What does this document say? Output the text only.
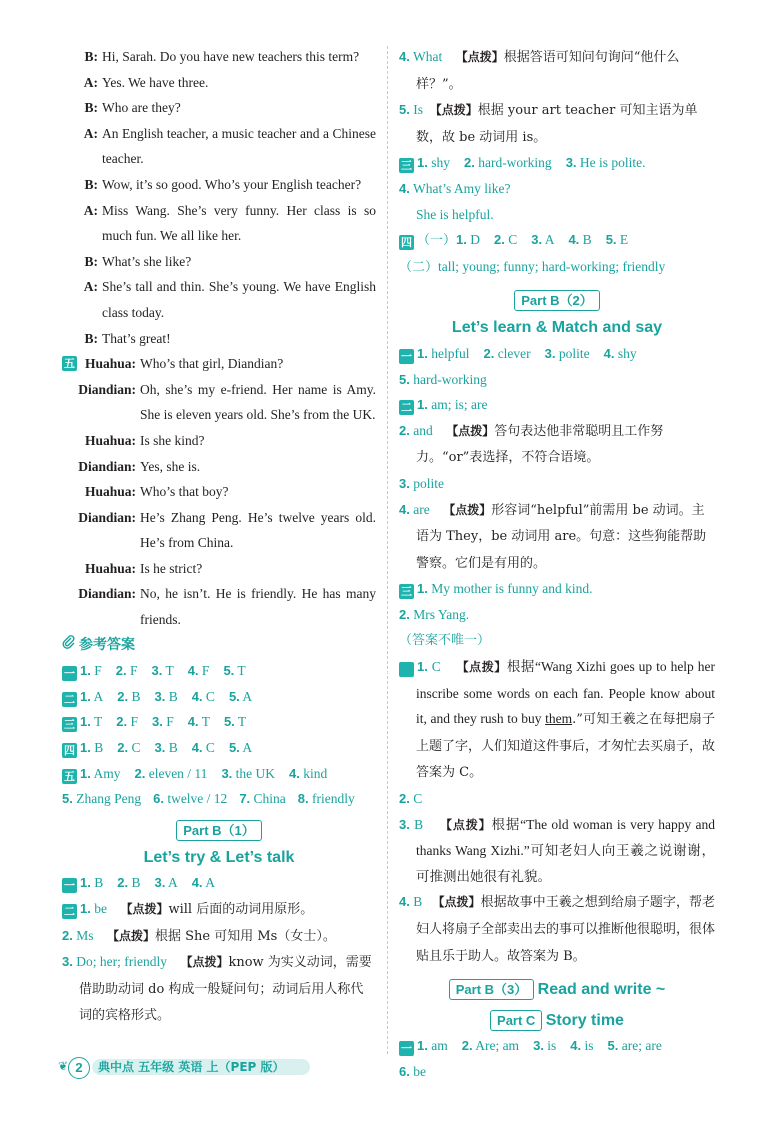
B: Hi, Sarah. Do you have new teachers this term?
A: Yes. We have three.
B: Who are they?
A: An English teacher, a music teacher and a Chinese teacher.
B: Wow, it’s so good. Who’s your English teacher?
A: Miss Wang. She’s very funny. Her class is so much fun. We all like her.
B: What’s she like?
A: She’s tall and thin. She’s young. We have English class today.
B: That’s great!
Huahua: Who’s that girl, Diandian?
五
Diandian: Oh, she’s my e-friend. Her name is Amy. She is eleven years old. She’s from the UK.
Huahua: Is she kind?
Diandian: Yes, she is.
Huahua: Who’s that boy?
Diandian: He’s Zhang Peng. He’s twelve years old. He’s from China.
Huahua: Is he strict?
Diandian: No, he isn’t. He is friendly. He has many friends.
参考答案
一 1. F 2. F 3. T 4. F 5. T
二 1. A 2. B 3. B 4. C 5. A
三 1. T 2. F 3. F 4. T 5. T
四 1. B 2. C 3. B 4. C 5. A
五 1. Amy 2. eleven / 11 3. the UK 4. kind
5. Zhang Peng 6. twelve / 12 7. China 8. friendly
Part B（1）
Let’s try & Let’s talk
一 1. B 2. B 3. A 4. A
二 1. be 【点拨】will 后面的动词用原形。
2. Ms 【点拨】根据 She 可知用 Ms（女士）。
3. Do; her; friendly 【点拨】know 为实义动词，需要借助助动词 do 构成一般疑问句；动词后用人称代词的宾格形式。
4. What 【点拨】根据答语可知问句询问“他什么样？”。
5. Is 【点拨】根据 your art teacher 可知主语为单数，故 be 动词用 is。
三 1. shy 2. hard-working 3. He is polite.
4. What’s Amy like?
She is helpful.
四 （一）1. D 2. C 3. A 4. B 5. E
（二）tall; young; funny; hard-working; friendly
Part B（2）
Let’s learn & Match and say
一 1. helpful 2. clever 3. polite 4. shy
5. hard-working
二 1. am; is; are
2. and 【点拨】答句表达他非常聪明且工作努力。“or”表选择，不符合语境。
3. polite
4. are 【点拨】形容词“helpful”前需用 be 动词。主语为 They，be 动词用 are。句意：这些狗能帮助警察。它们是有用的。
三 1. My mother is funny and kind.
2. Mrs Yang.
（答案不唯一）
四 1. C 【点拨】根据“Wang Xizhi goes up to help her inscribe some words on each fan. People know about it, and they rush to buy them.”可知王羲之在每把扇子上题了字，人们知道这件事后，才匆忙去买扇子，故答案为 C。
2. C
3. B 【点拨】根据“The old woman is very happy and thanks Wang Xizhi.”可知老妇人向王羲之说谢谢，可推测出她很有礼貌。
4. B 【点拨】根据故事中王羲之想到给扇子题字，帮老妇人将扇子全部卖出去的事可以推断他很聪明，很体贴且乐于助人。故答案为 B。
Part B（3） Read and write ~
Part C Story time
一 1. am 2. Are; am 3. is 4. is 5. are; are
6. be
❦ 2	典中点 五年级 英语 上（PEP 版）
